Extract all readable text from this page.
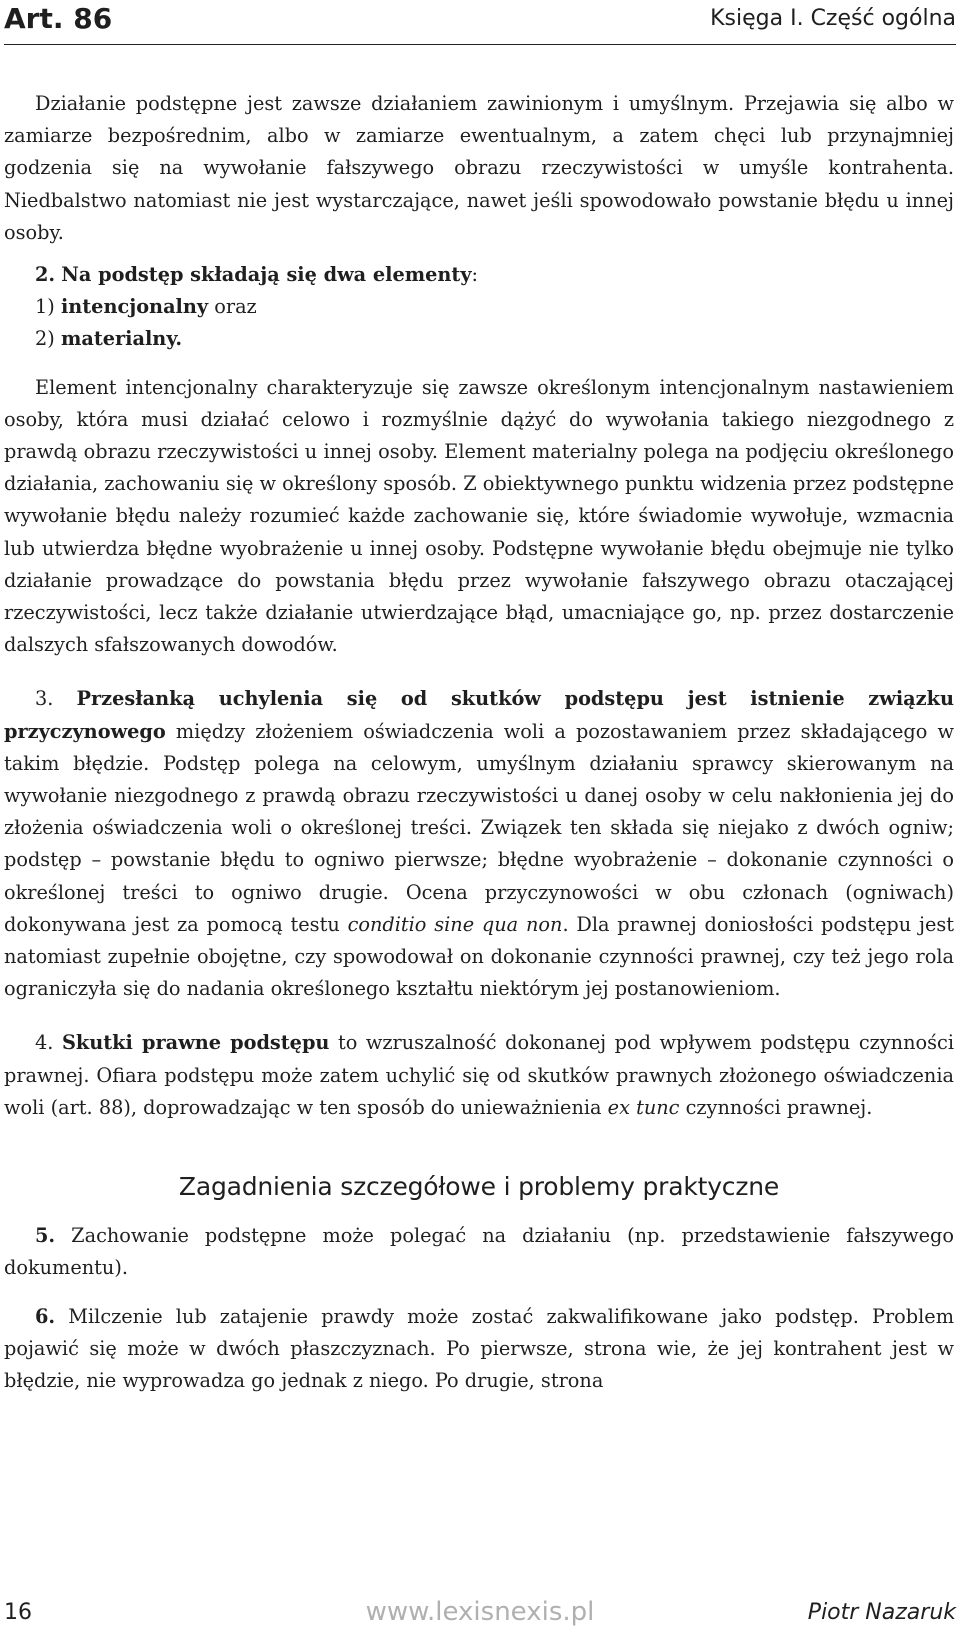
Art. 86	Księga I. Część ogólna

Działanie podstępne jest zawsze działaniem zawinionym i umyślnym. Przejawia się albo w zamiarze bezpośrednim, albo w zamiarze ewentualnym, a zatem chęci lub przynajmniej godzenia się na wywołanie fałszywego obrazu rzeczywistości w umyśle kontrahenta. Niedbalstwo natomiast nie jest wystarczające, nawet jeśli spowodowało powstanie błędu u innej osoby.

2. Na podstęp składają się dwa elementy:

1) intencjonalny oraz

2) materialny.

Element intencjonalny charakteryzuje się zawsze określonym intencjonalnym nastawieniem osoby, która musi działać celowo i rozmyślnie dążyć do wywołania takiego niezgodnego z prawdą obrazu rzeczywistości u innej osoby. Element materialny polega na podjęciu określonego działania, zachowaniu się w określony sposób. Z obiektywnego punktu widzenia przez podstępne wywołanie błędu należy rozumieć każde zachowanie się, które świadomie wywołuje, wzmacnia lub utwierdza błędne wyobrażenie u innej osoby. Podstępne wywołanie błędu obejmuje nie tylko działanie prowadzące do powstania błędu przez wywołanie fałszywego obrazu otaczającej rzeczywistości, lecz także działanie utwierdzające błąd, umacniające go, np. przez dostarczenie dalszych sfałszowanych dowodów.

3. Przesłanką uchylenia się od skutków podstępu jest istnienie związku przyczynowego między złożeniem oświadczenia woli a pozostawaniem przez składającego w takim błędzie. Podstęp polega na celowym, umyślnym działaniu sprawcy skierowanym na wywołanie niezgodnego z prawdą obrazu rzeczywistości u danej osoby w celu nakłonienia jej do złożenia oświadczenia woli o określonej treści. Związek ten składa się niejako z dwóch ogniw; podstęp – powstanie błędu to ogniwo pierwsze; błędne wyobrażenie – dokonanie czynności o określonej treści to ogniwo drugie. Ocena przyczynowości w obu członach (ogniwach) dokonywana jest za pomocą testu conditio sine qua non. Dla prawnej doniosłości podstępu jest natomiast zupełnie obojętne, czy spowodował on dokonanie czynności prawnej, czy też jego rola ograniczyła się do nadania określonego kształtu niektórym jej postanowieniom.

4. Skutki prawne podstępu to wzruszalność dokonanej pod wpływem podstępu czynności prawnej. Ofiara podstępu może zatem uchylić się od skutków prawnych złożonego oświadczenia woli (art. 88), doprowadzając w ten sposób do unieważnienia ex tunc czynności prawnej.

Zagadnienia szczegółowe i problemy praktyczne

5. Zachowanie podstępne może polegać na działaniu (np. przedstawienie fałszywego dokumentu).

6. Milczenie lub zatajenie prawdy może zostać zakwalifikowane jako podstęp. Problem pojawić się może w dwóch płaszczyznach. Po pierwsze, strona wie, że jej kontrahent jest w błędzie, nie wyprowadza go jednak z niego. Po drugie, strona

16	www.lexisnexis.pl	Piotr Nazaruk
